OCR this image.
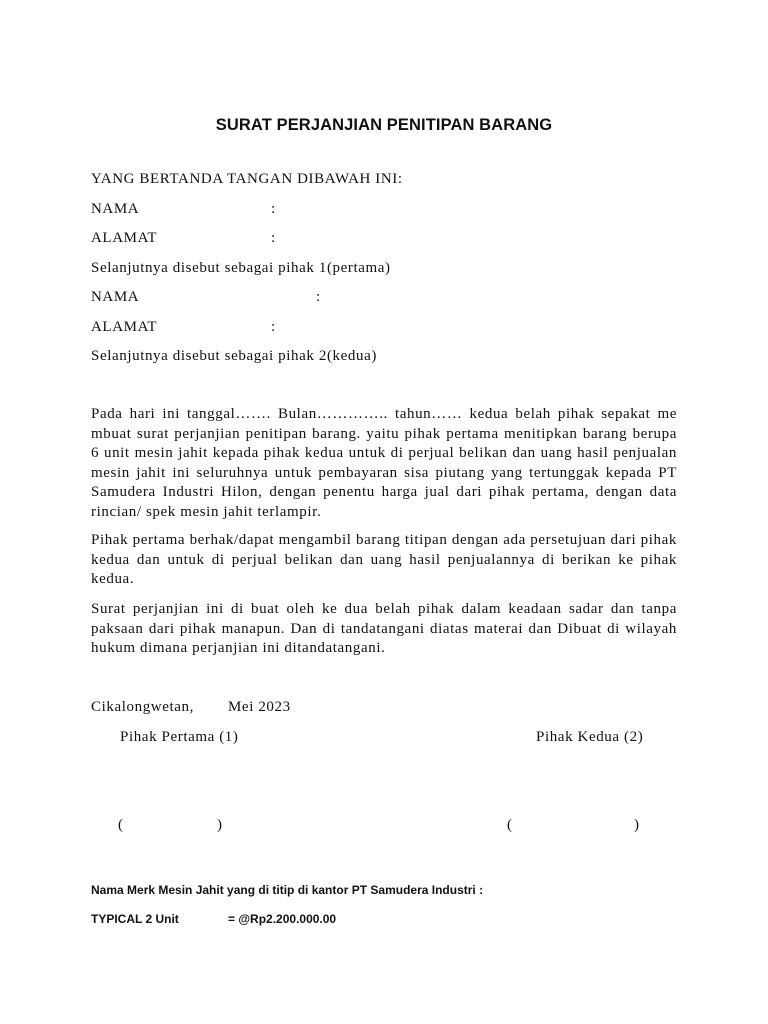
SURAT PERJANJIAN PENITIPAN BARANG
YANG BERTANDA TANGAN DIBAWAH INI:
NAMA	:
ALAMAT	:
Selanjutnya disebut sebagai pihak 1(pertama)
NAMA	:
ALAMAT	:
Selanjutnya disebut sebagai pihak 2(kedua)

Pada hari ini tanggal……. Bulan………….. tahun…… kedua belah pihak sepakat me mbuat surat perjanjian penitipan barang. yaitu pihak pertama menitipkan barang berupa 6 unit mesin jahit kepada pihak kedua untuk di perjual belikan dan uang hasil penjualan mesin jahit ini seluruhnya untuk pembayaran sisa piutang yang tertunggak kepada PT Samudera Industri Hilon, dengan penentu harga jual dari pihak pertama, dengan data rincian/ spek mesin jahit terlampir.

Pihak pertama berhak/dapat mengambil barang titipan dengan ada persetujuan dari pihak kedua dan untuk di perjual belikan dan uang hasil penjualannya di berikan ke pihak kedua.

Surat perjanjian ini di buat oleh ke dua belah pihak dalam keadaan sadar dan tanpa paksaan dari pihak manapun. Dan di tandatangani diatas materai dan Dibuat di wilayah hukum dimana perjanjian ini ditandatangani.

Cikalongwetan, Mei 2023
Pihak Pertama (1)	Pihak Kedua (2)
(	)	(	)
Nama Merk Mesin Jahit yang di titip di kantor PT Samudera Industri :
TYPICAL 2 Unit	= @Rp2.200.000.00
